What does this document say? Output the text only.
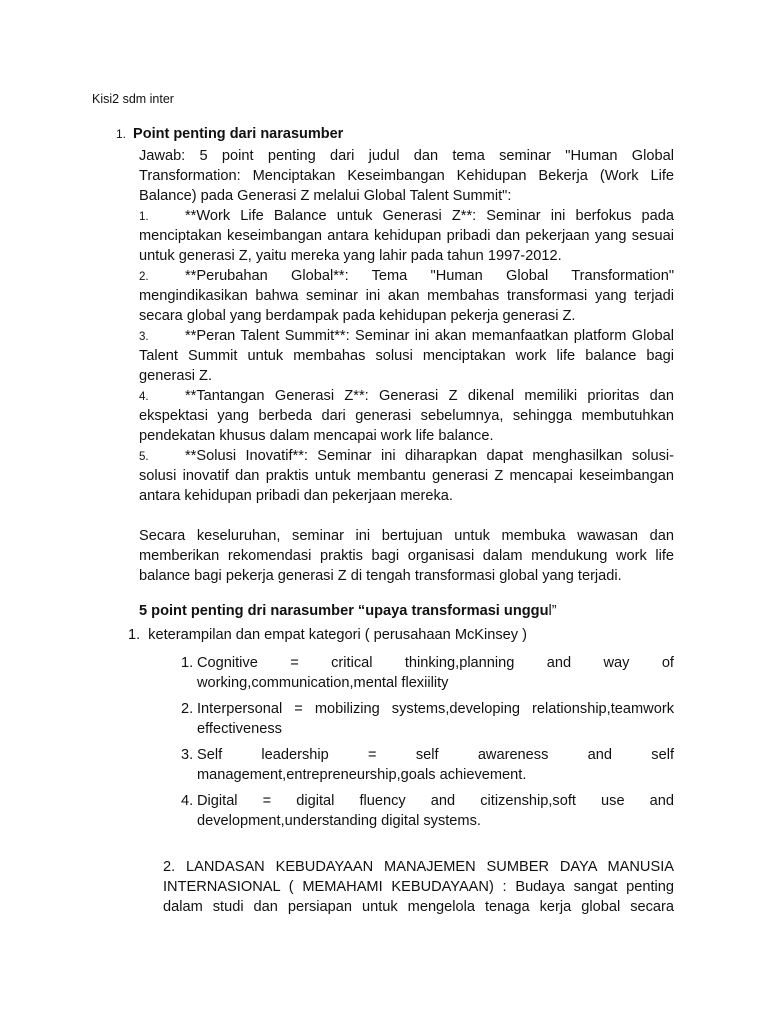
Kisi2 sdm inter
1. Point penting dari narasumber
Jawab: 5 point penting dari judul dan tema seminar "Human Global Transformation: Menciptakan Keseimbangan Kehidupan Bekerja (Work Life Balance) pada Generasi Z melalui Global Talent Summit":
1.	**Work Life Balance untuk Generasi Z**: Seminar ini berfokus pada menciptakan keseimbangan antara kehidupan pribadi dan pekerjaan yang sesuai untuk generasi Z, yaitu mereka yang lahir pada tahun 1997-2012.
2.	**Perubahan Global**: Tema "Human Global Transformation" mengindikasikan bahwa seminar ini akan membahas transformasi yang terjadi secara global yang berdampak pada kehidupan pekerja generasi Z.
3.	**Peran Talent Summit**: Seminar ini akan memanfaatkan platform Global Talent Summit untuk membahas solusi menciptakan work life balance bagi generasi Z.
4.	**Tantangan Generasi Z**: Generasi Z dikenal memiliki prioritas dan ekspektasi yang berbeda dari generasi sebelumnya, sehingga membutuhkan pendekatan khusus dalam mencapai work life balance.
5.	**Solusi Inovatif**: Seminar ini diharapkan dapat menghasilkan solusi-solusi inovatif dan praktis untuk membantu generasi Z mencapai keseimbangan antara kehidupan pribadi dan pekerjaan mereka.
Secara keseluruhan, seminar ini bertujuan untuk membuka wawasan dan memberikan rekomendasi praktis bagi organisasi dalam mendukung work life balance bagi pekerja generasi Z di tengah transformasi global yang terjadi.
5 point penting dri narasumber “upaya transformasi unggul”
1. keterampilan dan empat kategori ( perusahaan McKinsey )
1. Cognitive = critical thinking,planning and way of
working,communication,mental flexiility
2. Interpersonal = mobilizing systems,developing relationship,teamwork
effectiveness
3. Self leadership = self awareness and self
management,entrepreneurship,goals achievement.
4. Digital = digital fluency and citizenship,soft use and
development,understanding digital systems.
2. LANDASAN KEBUDAYAAN MANAJEMEN SUMBER DAYA MANUSIA INTERNASIONAL ( MEMAHAMI KEBUDAYAAN) : Budaya sangat penting dalam studi dan persiapan untuk mengelola tenaga kerja global secara
